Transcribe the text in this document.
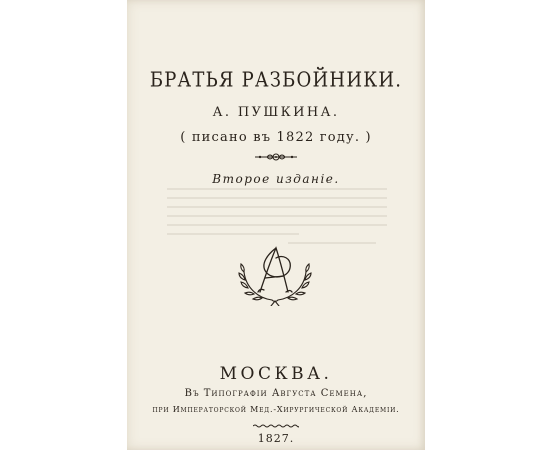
БРАТЬЯ РАЗБОЙНИКИ.
А. ПУШКИНА.
( писано въ 1822 году. )
Второе изданіе.
МОСКВА.
Въ Типографіи Августа Семена,
при Императорской Мед.-Хирургической Академіи.
1827.
